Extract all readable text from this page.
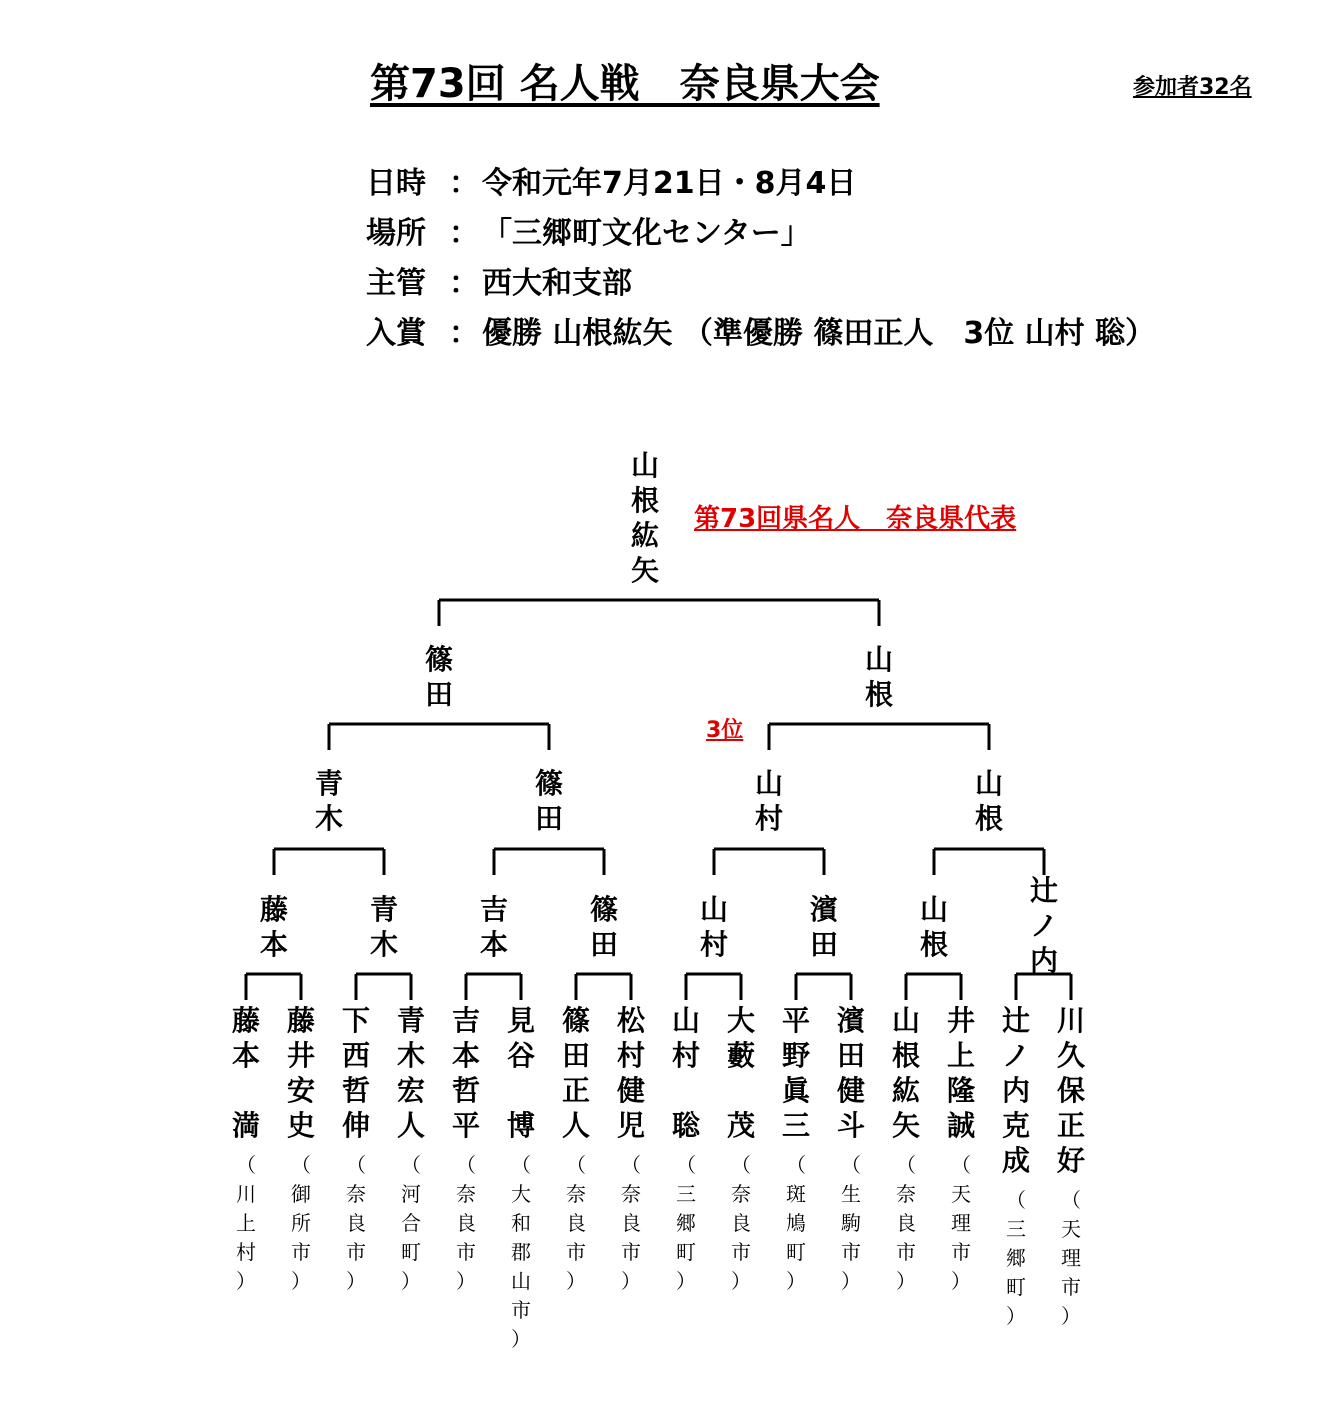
第73回 名人戦　奈良県大会	参加者32名
日時 ： 令和元年7月21日・8月4日
場所 ： 「三郷町文化センター」
主管 ： 西大和支部
入賞 ： 優勝 山根紘矢 （準優勝 篠田正人　3位 山村 聡）
第73回県名人　奈良県代表
3位
山
根
紘
矢
篠
田
山
根
青
木
篠
田
山
村
山
根
藤
本
青
木
吉
本
篠
田
山
村
濱
田
山
根
辻
ノ
内
藤
本

満
（
川
上
村
）
藤
井
安
史
（
御
所
市
）
下
西
哲
伸
（
奈
良
市
）
青
木
宏
人
（
河
合
町
）
吉
本
哲
平
（
奈
良
市
）
見
谷

博
（
大
和
郡
山
市
）
篠
田
正
人
（
奈
良
市
）
松
村
健
児
（
奈
良
市
）
山
村

聡
（
三
郷
町
）
大
藪

茂
（
奈
良
市
）
平
野
眞
三
（
斑
鳩
町
）
濱
田
健
斗
（
生
駒
市
）
山
根
紘
矢
（
奈
良
市
）
井
上
隆
誠
（
天
理
市
）
辻
ノ
内
克
成
（
三
郷
町
）
川
久
保
正
好
（
天
理
市
）
